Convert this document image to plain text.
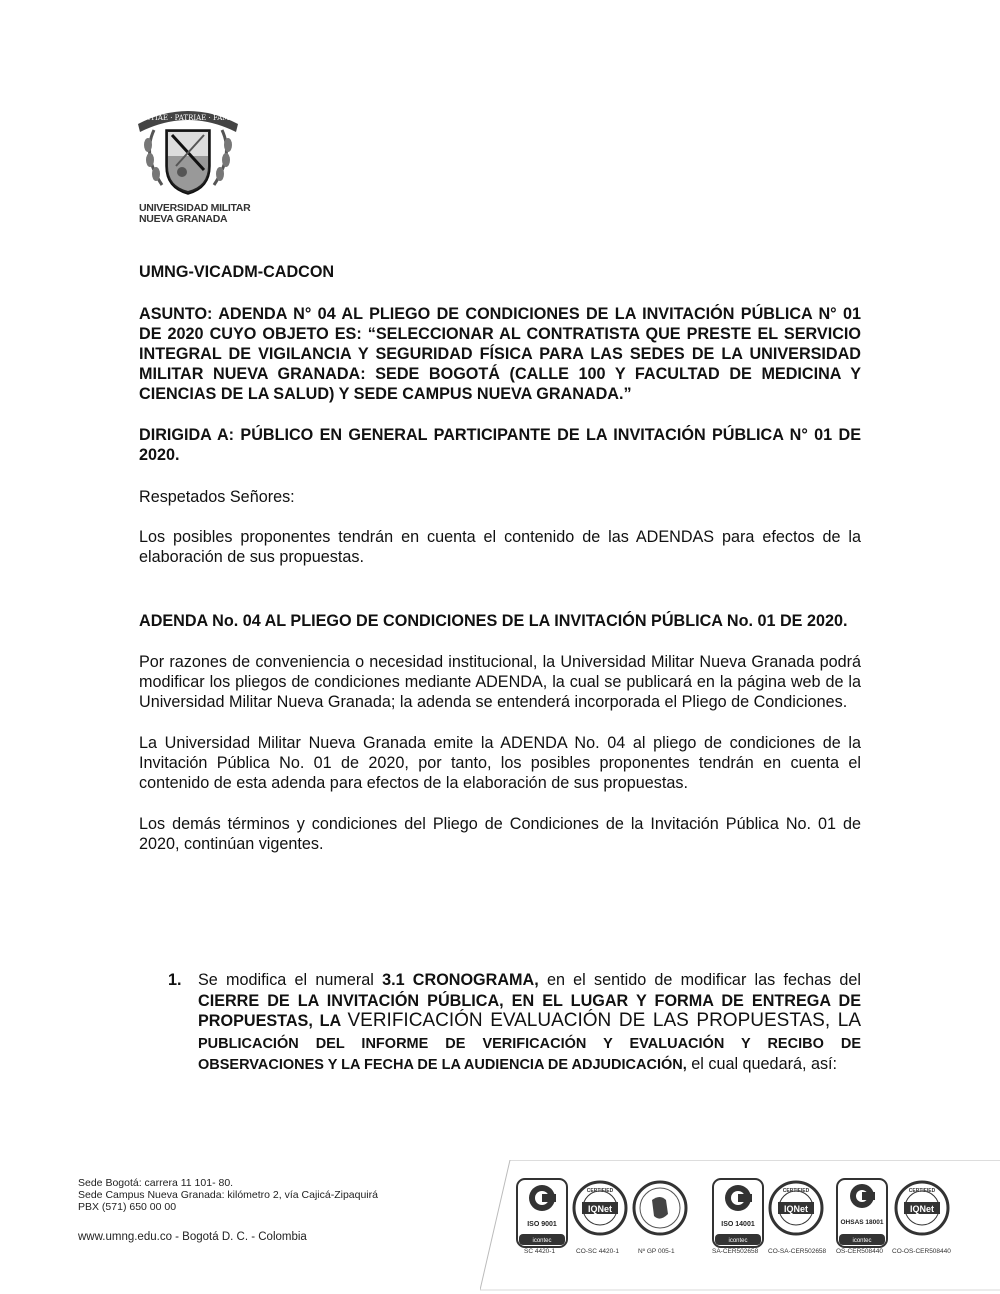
SCIENTIAE · PATRIAE · FAMILIAE
UNIVERSIDAD MILITAR
NUEVA GRANADA

UMNG-VICADM-CADCON

ASUNTO: ADENDA N° 04 AL PLIEGO DE CONDICIONES DE LA INVITACIÓN PÚBLICA N° 01 DE 2020 CUYO OBJETO ES: “SELECCIONAR AL CONTRATISTA QUE PRESTE EL SERVICIO INTEGRAL DE VIGILANCIA Y SEGURIDAD FÍSICA PARA LAS SEDES DE LA UNIVERSIDAD MILITAR NUEVA GRANADA: SEDE BOGOTÁ (CALLE 100 Y FACULTAD DE MEDICINA Y CIENCIAS DE LA SALUD) Y SEDE CAMPUS NUEVA GRANADA.”

DIRIGIDA A: PÚBLICO EN GENERAL PARTICIPANTE DE LA INVITACIÓN PÚBLICA N° 01 DE 2020.

Respetados Señores:

Los posibles proponentes tendrán en cuenta el contenido de las ADENDAS para efectos de la elaboración de sus propuestas.

ADENDA No. 04 AL PLIEGO DE CONDICIONES DE LA INVITACIÓN PÚBLICA No. 01 DE 2020.

Por razones de conveniencia o necesidad institucional, la Universidad Militar Nueva Granada podrá modificar los pliegos de condiciones mediante ADENDA, la cual se publicará en la página web de la Universidad Militar Nueva Granada; la adenda se entenderá incorporada el Pliego de Condiciones.

La Universidad Militar Nueva Granada emite la ADENDA No. 04 al pliego de condiciones de la Invitación Pública No. 01 de 2020, por tanto, los posibles proponentes tendrán en cuenta el contenido de esta adenda para efectos de la elaboración de sus propuestas.

Los demás términos y condiciones del Pliego de Condiciones de la Invitación Pública No. 01 de 2020, continúan vigentes.

1. Se modifica el numeral 3.1 CRONOGRAMA, en el sentido de modificar las fechas del CIERRE DE LA INVITACIÓN PÚBLICA, EN EL LUGAR Y FORMA DE ENTREGA DE PROPUESTAS, LA VERIFICACIÓN EVALUACIÓN DE LAS PROPUESTAS, LA PUBLICACIÓN DEL INFORME DE VERIFICACIÓN Y EVALUACIÓN Y RECIBO DE OBSERVACIONES Y LA FECHA DE LA AUDIENCIA DE ADJUDICACIÓN, el cual quedará, así:
Sede Bogotá: carrera 11 101- 80.
Sede Campus Nueva Granada: kilómetro 2, vía Cajicá-Zipaquirá
PBX (571) 650 00 00
www.umng.edu.co - Bogotá D. C. - Colombia
ISO 9001
icontec
SC 4420-1
CERTIFIED
IQNet
CO-SC 4420-1	Nº GP 005-1
ISO 14001
icontec
SA-CER502658
CERTIFIED
IQNet
CO-SA-CER502658
OHSAS 18001
icontec
OS-CER508440
CERTIFIED
IQNet
CO-OS-CER508440
